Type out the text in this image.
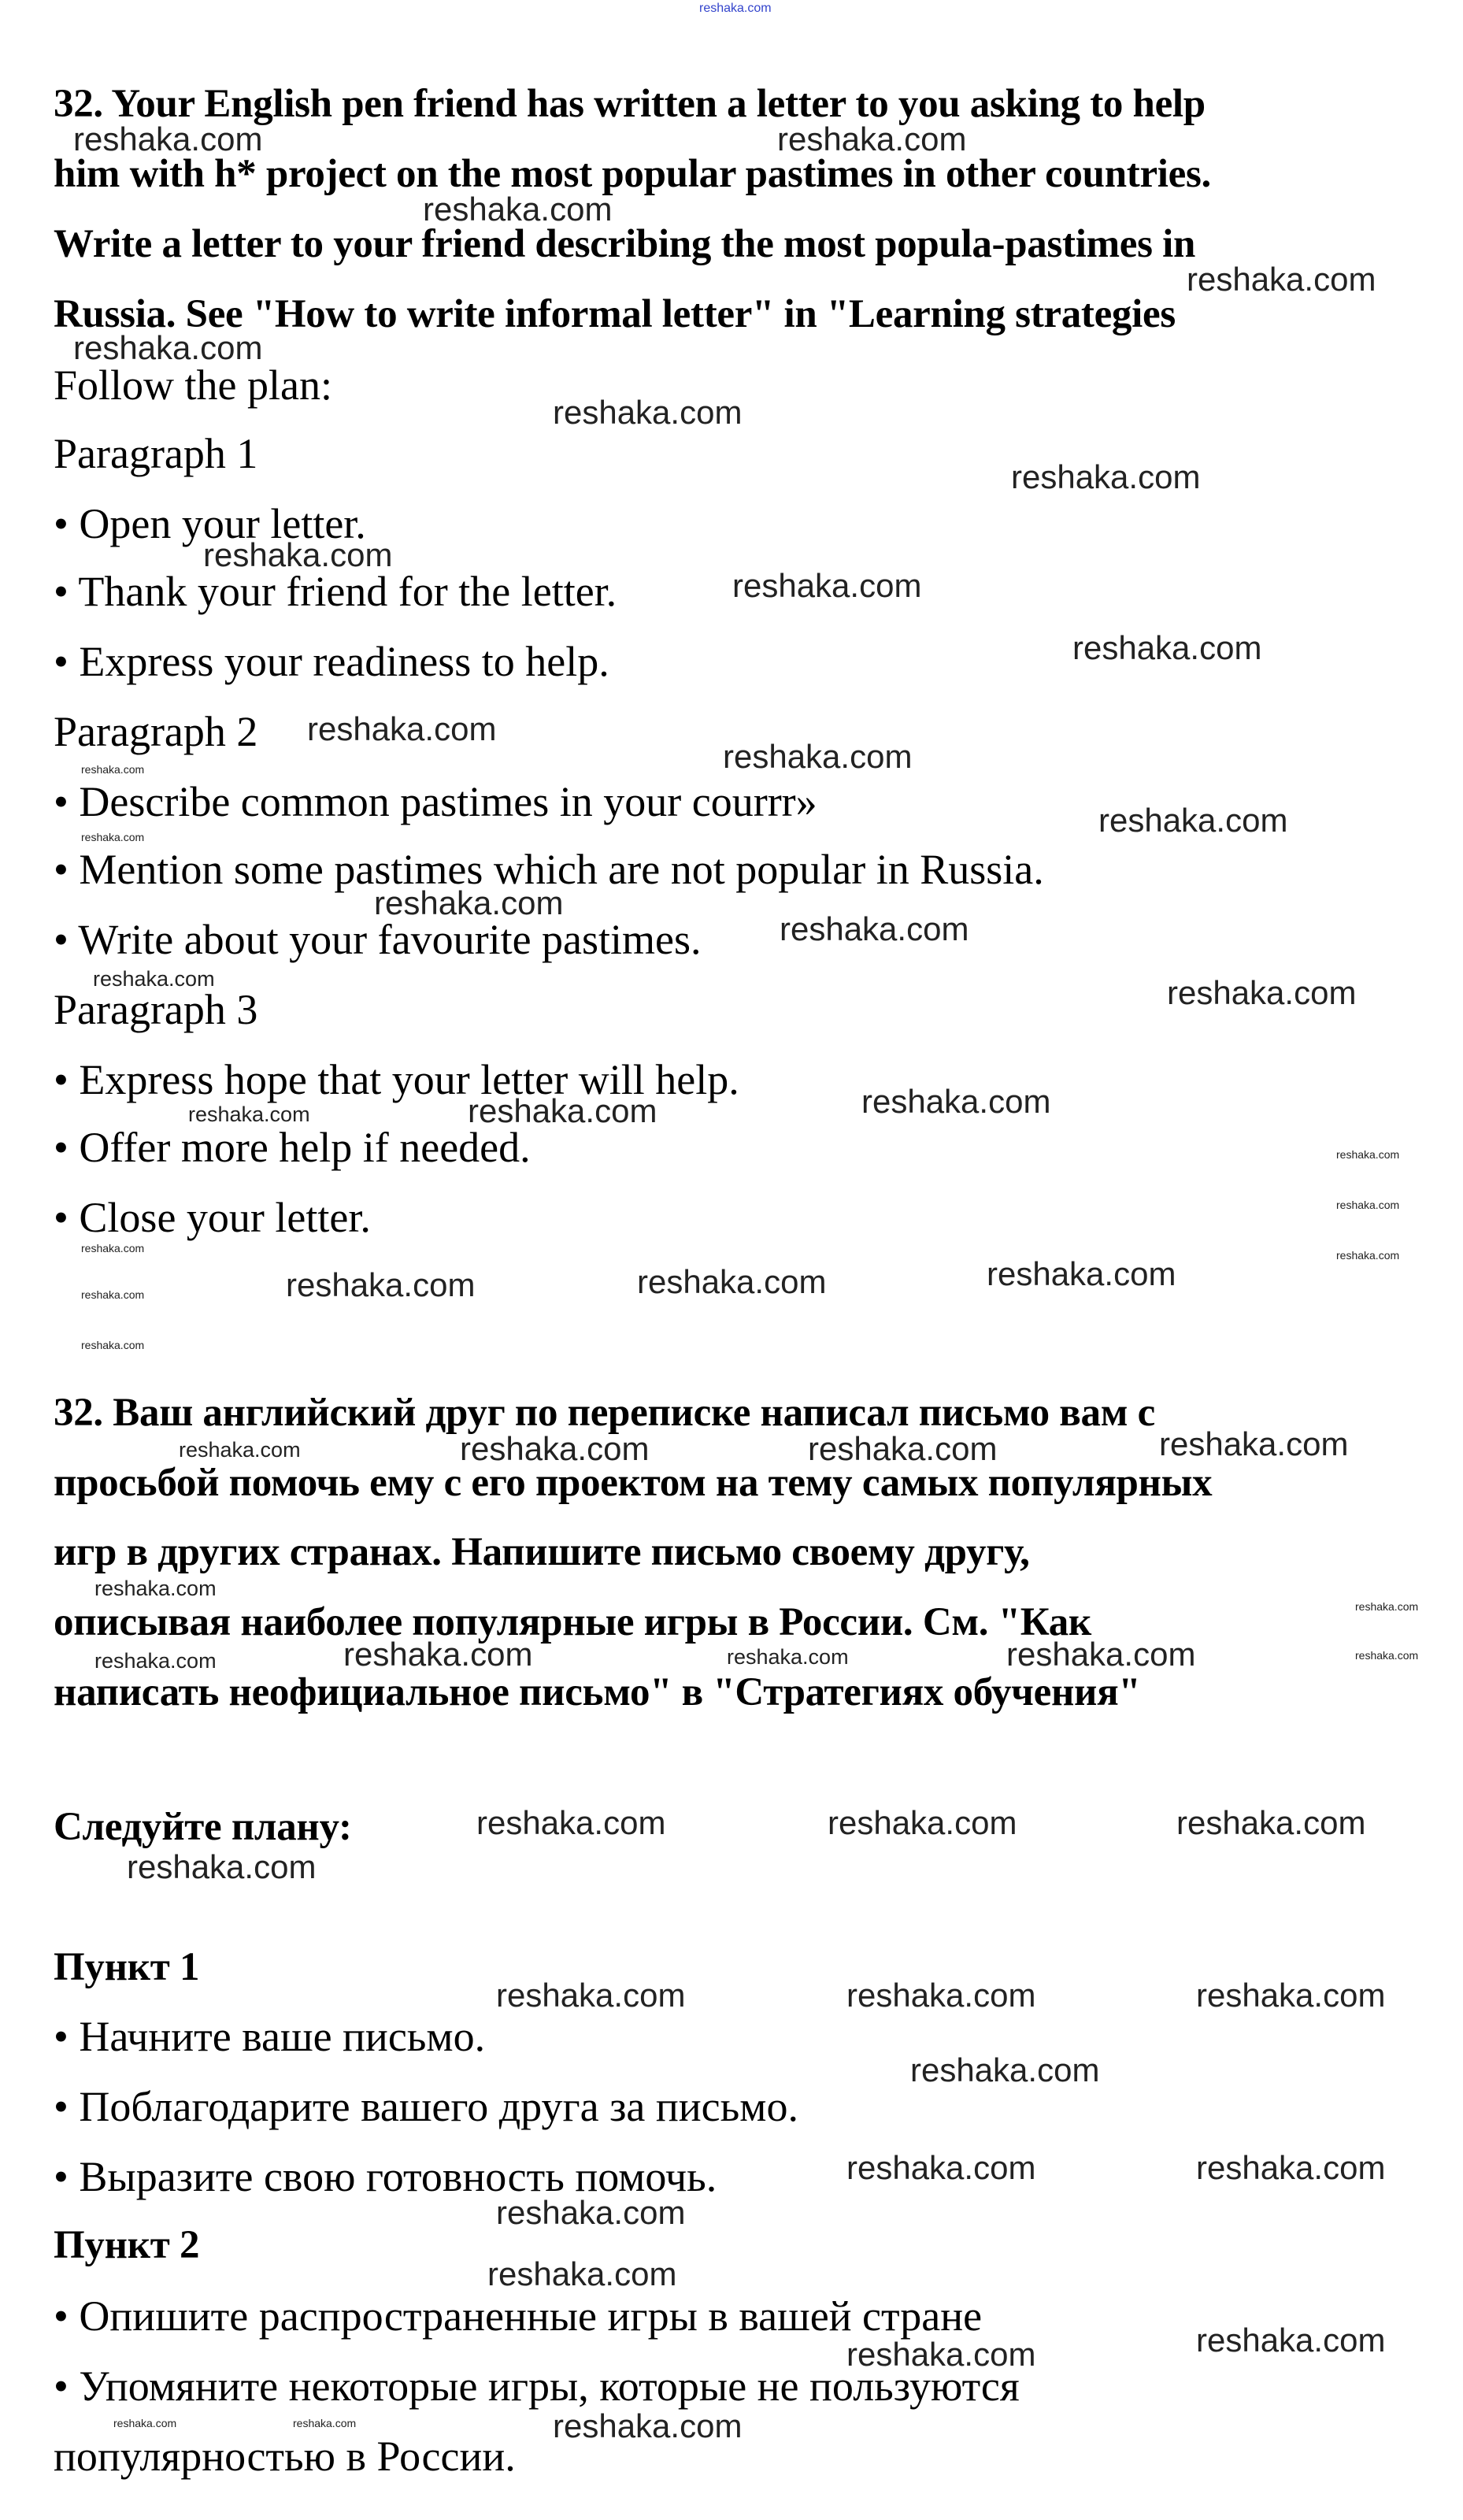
32. Your English pen friend has written a letter to you asking to help
him with h* project on the most popular pastimes in other countries.
Write a letter to your friend describing the most popula-pastimes in
Russia. See "How to write informal letter" in "Learning strategies
Follow the plan:
Paragraph 1
• Open your letter.
• Thank your friend for the letter.
• Express your readiness to help.
Paragraph 2
• Describe common pastimes in your courrr»
• Mention some pastimes which are not popular in Russia.
• Write about your favourite pastimes.
Paragraph 3
• Express hope that your letter will help.
• Offer more help if needed.
• Close your letter.
32. Ваш английский друг по переписке написал письмо вам с
просьбой помочь ему с его проектом на тему самых популярных
игр в других странах. Напишите письмо своему другу,
описывая наиболее популярные игры в России. См. "Как
написать неофициальное письмо" в "Стратегиях обучения"
Следуйте плану:
Пункт 1
• Начните ваше письмо.
• Поблагодарите вашего друга за письмо.
• Выразите свою готовность помочь.
Пункт 2
• Опишите распространенные игры в вашей стране
• Упомяните некоторые игры, которые не пользуются
популярностью в России.
reshaka.com
reshaka.com	reshaka.com
reshaka.com
reshaka.com
reshaka.com
reshaka.com
reshaka.com
reshaka.com
reshaka.com
reshaka.com
reshaka.com
reshaka.com
reshaka.com
reshaka.com
reshaka.com
reshaka.com	reshaka.com
reshaka.com	reshaka.com	reshaka.com
reshaka.com	reshaka.com	reshaka.com
reshaka.com
reshaka.com
reshaka.com
reshaka.com
reshaka.com
reshaka.com
reshaka.com
reshaka.com
reshaka.com	reshaka.com	reshaka.com	reshaka.com
reshaka.com
reshaka.com
reshaka.com
reshaka.com	reshaka.com	reshaka.com
reshaka.com
reshaka.com	reshaka.com	reshaka.com
reshaka.com
reshaka.com	reshaka.com	reshaka.com
reshaka.com
reshaka.com	reshaka.com
reshaka.com
reshaka.com
reshaka.com	reshaka.com
reshaka.com
reshaka.com	reshaka.com
